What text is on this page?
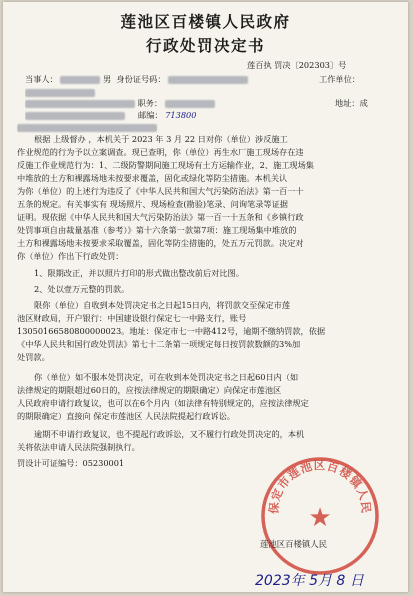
莲池区百楼镇人民政府
行政处罚决定书
莲百执 罚决〔202303〕号
当事人：	男 身份证号码：	工作单位：
职务：	地址：成
邮编： 713800
根据 上级督办 ，本机关于 2023 年 3 月 22 日对你（单位）涉反施工
作业规范的行为予以立案调查。现已查明，你（单位）再生水厂施工现场存在违
反施工作业规范行为：1、二级防警期间施工现场有土方运输作业，2、施工现场集
中堆放的土方和裸露场地未按要求覆盖，固化或绿化等防尘措施。本机关认
为你（单位）的上述行为违反了《中华人民共和国大气污染防治法》第一百一十
五条的规定。有关事实有 现场照片、现场检查(勘验)笔录、问询笔录等证据
证明。现依据《中华人民共和国大气污染防治法》第一百一十五条和《乡镇行政
处罚事项自由裁量基准（参考）》第十六条第一款第7项：施工现场集中堆放的
土方和裸露场地未按要求采取覆盖，固化等防尘措施的，处五万元罚款。决定对
你（单位）作出下行政处罚：
1、限期改正，并以照片打印的形式做出整改前后对比图。
2、处以壹万元整的罚款。
限你（单位）自收到本处罚决定书之日起15日内，将罚款交至保定市莲
池区财政局，开户银行：中国建设银行保定七一中路支行，账号
13050166580800000023。地址：保定市七一中路412号，逾期不缴纳罚款，依据
《中华人民共和国行政处罚法》第七十二条第一项规定每日按罚款数额的3%加
处罚款。
你（单位）如不服本处罚决定，可在收到本处罚决定书之日起60日内（如
法律规定的期限超过60日的，应按法律规定的期限确定）向保定市莲池区
人民政府申请行政复议，也可以在6个月内（如法律有特别规定的，应按法律规定
的期限确定）直接向 保定市莲池区 人民法院提起行政诉讼。
逾期不申请行政复议，也不提起行政诉讼，又不履行行政处罚决定的，本机
关将依法申请人民法院强制执行。
罚设计可证编号：05230001
★
保定市莲池区百楼镇人民
莲池区百楼镇人民
2023年 5月 8 日
